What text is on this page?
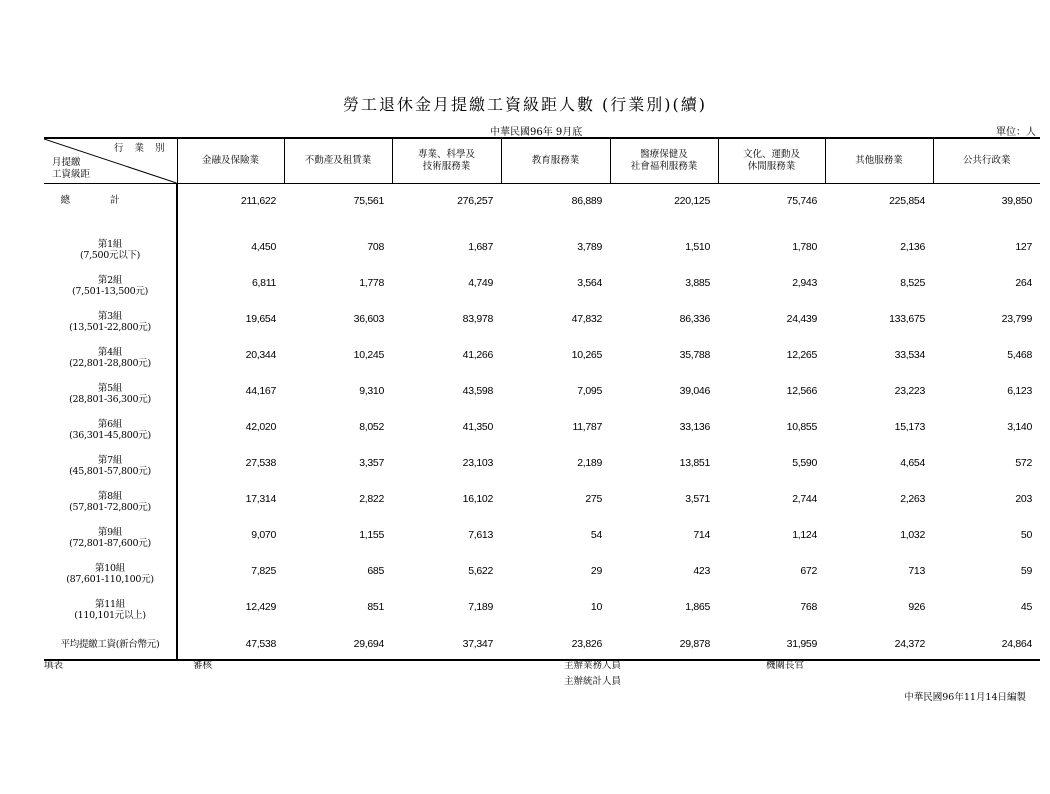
勞工退休金月提繳工資級距人數 (行業別)(續)
中華民國96年 9月底	單位：人
行 業 別
月提繳
工資級距	金融及保險業	不動產及租賃業	專業、科學及
技術服務業	教育服務業	醫療保健及
社會福利服務業	文化、運動及
休閒服務業	其他服務業	公共行政業

總計	211,622	75,561	276,257	86,889	220,125	75,746	225,854	39,850

第1組
(7,500元以下)	4,450	708	1,687	3,789	1,510	1,780	2,136	127

第2組
(7,501-13,500元)	6,811	1,778	4,749	3,564	3,885	2,943	8,525	264

第3組
(13,501-22,800元)	19,654	36,603	83,978	47,832	86,336	24,439	133,675	23,799

第4組
(22,801-28,800元)	20,344	10,245	41,266	10,265	35,788	12,265	33,534	5,468

第5組
(28,801-36,300元)	44,167	9,310	43,598	7,095	39,046	12,566	23,223	6,123

第6組
(36,301-45,800元)	42,020	8,052	41,350	11,787	33,136	10,855	15,173	3,140

第7組
(45,801-57,800元)	27,538	3,357	23,103	2,189	13,851	5,590	4,654	572

第8組
(57,801-72,800元)	17,314	2,822	16,102	275	3,571	2,744	2,263	203

第9組
(72,801-87,600元)	9,070	1,155	7,613	54	714	1,124	1,032	50

第10組
(87,601-110,100元)	7,825	685	5,622	29	423	672	713	59

第11組
(110,101元以上)	12,429	851	7,189	10	1,865	768	926	45
平均提繳工資(新台幣元)	47,538	29,694	37,347	23,826	29,878	31,959	24,372	24,864
填表	審核	主辦業務人員
主辦統計人員
機關長官
中華民國96年11月14日編製
